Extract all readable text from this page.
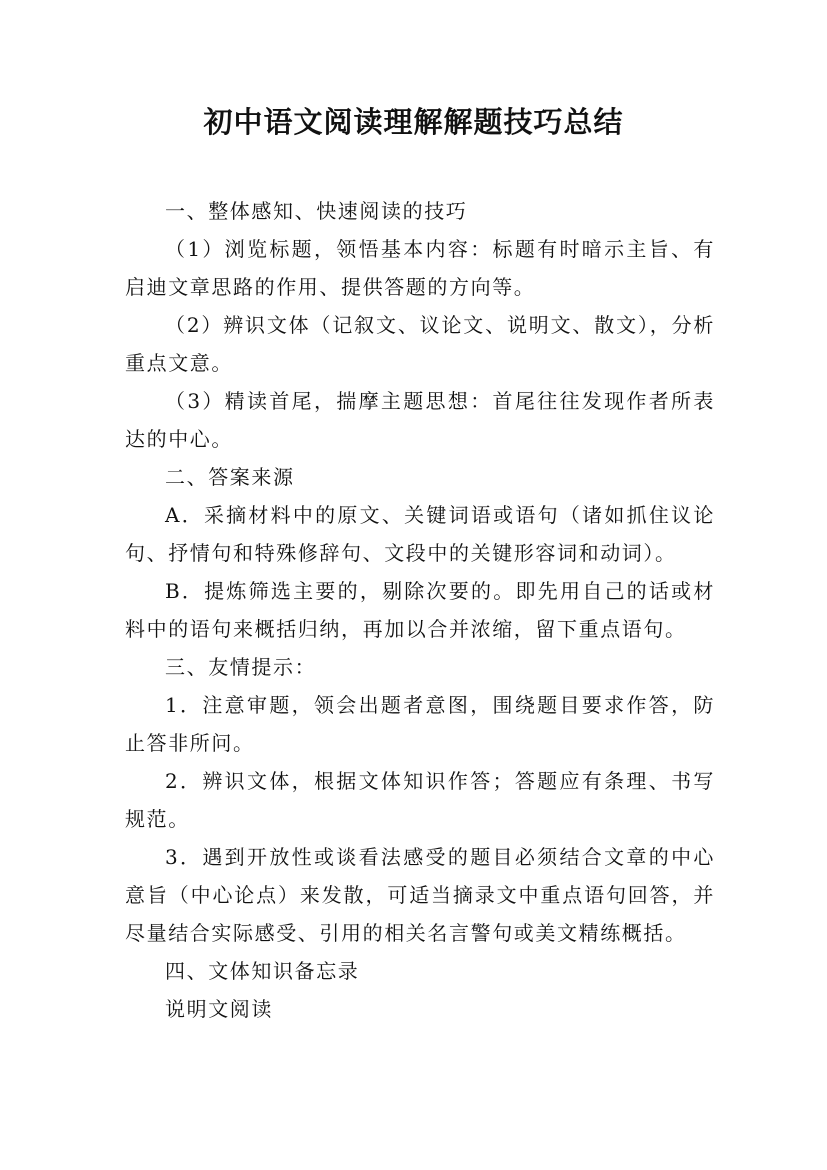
初中语文阅读理解解题技巧总结

一、整体感知、快速阅读的技巧

（1）浏览标题，领悟基本内容：标题有时暗示主旨、有启迪文章思路的作用、提供答题的方向等。

（2）辨识文体（记叙文、议论文、说明文、散文），分析重点文意。

（3）精读首尾，揣摩主题思想：首尾往往发现作者所表达的中心。

二、答案来源

A．采摘材料中的原文、关键词语或语句（诸如抓住议论句、抒情句和特殊修辞句、文段中的关键形容词和动词）。

B．提炼筛选主要的，剔除次要的。即先用自己的话或材料中的语句来概括归纳，再加以合并浓缩，留下重点语句。

三、友情提示：

1．注意审题，领会出题者意图，围绕题目要求作答，防止答非所问。

2．辨识文体，根据文体知识作答；答题应有条理、书写规范。

3．遇到开放性或谈看法感受的题目必须结合文章的中心意旨（中心论点）来发散，可适当摘录文中重点语句回答，并尽量结合实际感受、引用的相关名言警句或美文精练概括。

四、文体知识备忘录

说明文阅读
